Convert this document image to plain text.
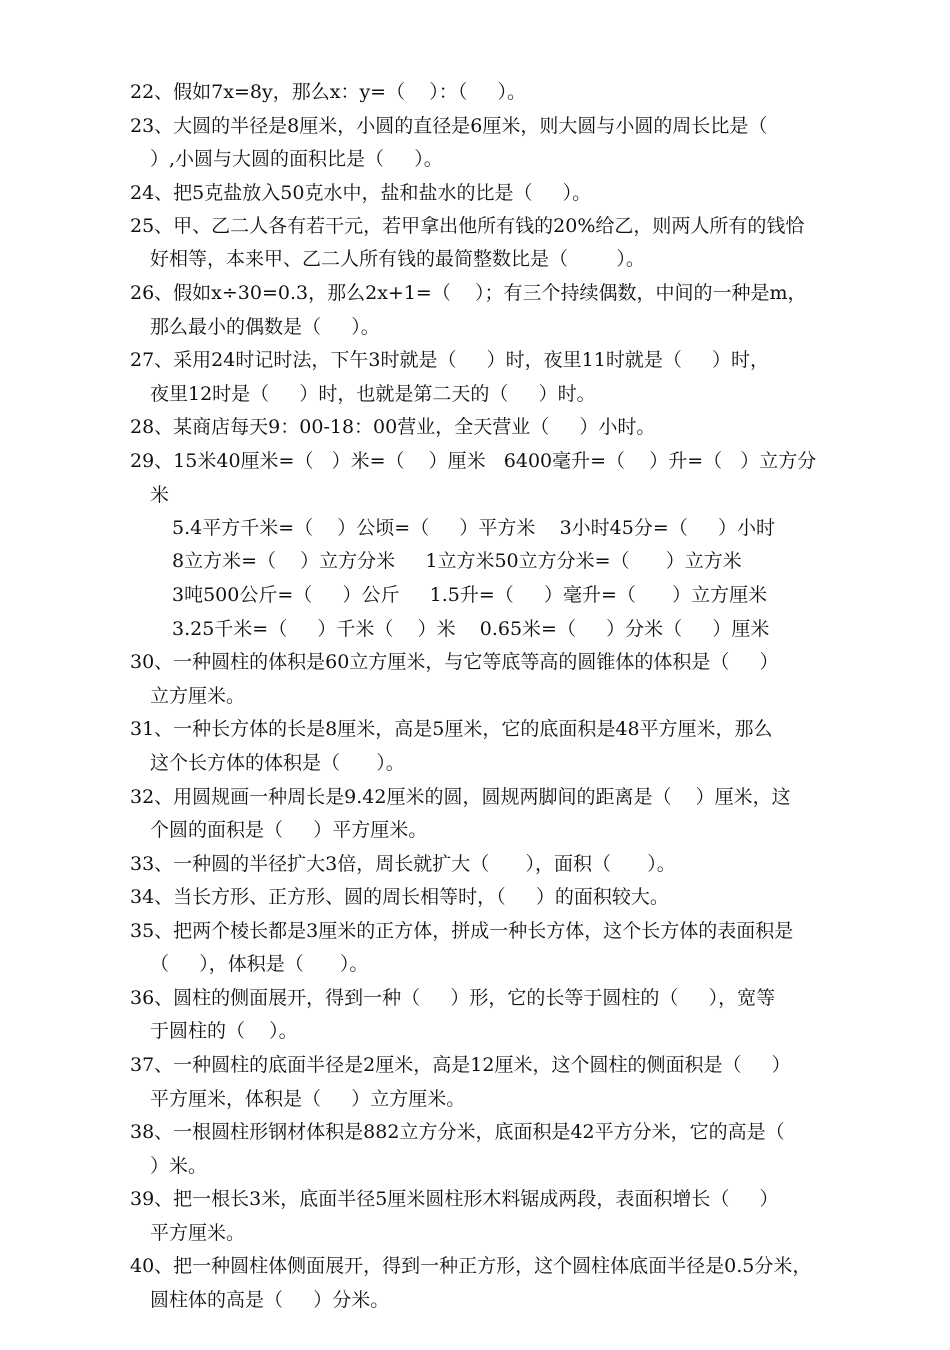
22、假如7x=8y，那么x：y=（    ）：（     ）。
23、大圆的半径是8厘米，小圆的直径是6厘米，则大圆与小圆的周长比是（
）,小圆与大圆的面积比是（     ）。
24、把5克盐放入50克水中，盐和盐水的比是（     ）。
25、甲、乙二人各有若干元，若甲拿出他所有钱的20%给乙，则两人所有的钱恰
好相等，本来甲、乙二人所有钱的最简整数比是（        ）。
26、假如x÷30=0.3，那么2x+1=（    ）；有三个持续偶数，中间的一种是m，
那么最小的偶数是（     ）。
27、采用24时记时法，下午3时就是（     ）时，夜里11时就是（     ）时，
夜里12时是（     ）时，也就是第二天的（     ）时。
28、某商店每天9：00-18：00营业，全天营业（     ）小时。
29、15米40厘米=（   ）米=（    ）厘米   6400毫升=（    ）升=（   ）立方分
米
5.4平方千米=（    ）公顷=（     ）平方米    3小时45分=（     ）小时
8立方米=（    ）立方分米     1立方米50立方分米=（      ）立方米
3吨500公斤=（     ）公斤     1.5升=（     ）毫升=（      ）立方厘米
3.25千米=（     ）千米（    ）米    0.65米=（     ）分米（     ）厘米
30、一种圆柱的体积是60立方厘米，与它等底等高的圆锥体的体积是（     ）
立方厘米。
31、一种长方体的长是8厘米，高是5厘米，它的底面积是48平方厘米，那么
这个长方体的体积是（      ）。
32、用圆规画一种周长是9.42厘米的圆，圆规两脚间的距离是（    ）厘米，这
个圆的面积是（     ）平方厘米。
33、一种圆的半径扩大3倍，周长就扩大（      ），面积（      ）。
34、当长方形、正方形、圆的周长相等时，（     ）的面积较大。
35、把两个棱长都是3厘米的正方体，拼成一种长方体，这个长方体的表面积是
（     ），体积是（      ）。
36、圆柱的侧面展开，得到一种（     ）形，它的长等于圆柱的（     ），宽等
于圆柱的（    ）。
37、一种圆柱的底面半径是2厘米，高是12厘米，这个圆柱的侧面积是（     ）
平方厘米，体积是（     ）立方厘米。
38、一根圆柱形钢材体积是882立方分米，底面积是42平方分米，它的高是（
）米。
39、把一根长3米，底面半径5厘米圆柱形木料锯成两段，表面积增长（     ）
平方厘米。
40、把一种圆柱体侧面展开，得到一种正方形，这个圆柱体底面半径是0.5分米，
圆柱体的高是（     ）分米。
